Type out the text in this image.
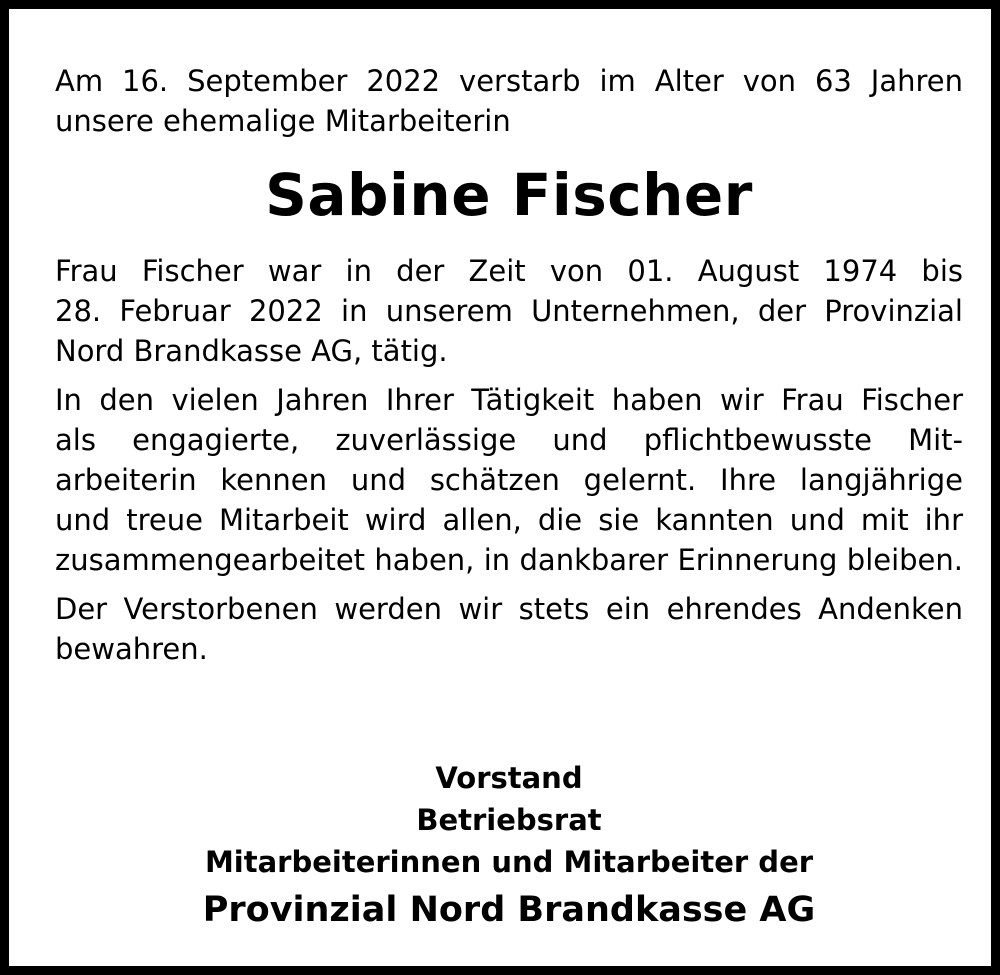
Am 16. September 2022 verstarb im Alter von 63 Jahren
unsere ehemalige Mitarbeiterin
Sabine Fischer
Frau Fischer war in der Zeit von 01. August 1974 bis
28. Februar 2022 in unserem Unternehmen, der Provinzial
Nord Brandkasse AG, tätig.
In den vielen Jahren Ihrer Tätigkeit haben wir Frau Fischer
als engagierte, zuverlässige und pflichtbewusste Mit-
arbeiterin kennen und schätzen gelernt. Ihre langjährige
und treue Mitarbeit wird allen, die sie kannten und mit ihr
zusammengearbeitet haben, in dankbarer Erinnerung bleiben.
Der Verstorbenen werden wir stets ein ehrendes Andenken
bewahren.
Vorstand
Betriebsrat
Mitarbeiterinnen und Mitarbeiter der
Provinzial Nord Brandkasse AG
